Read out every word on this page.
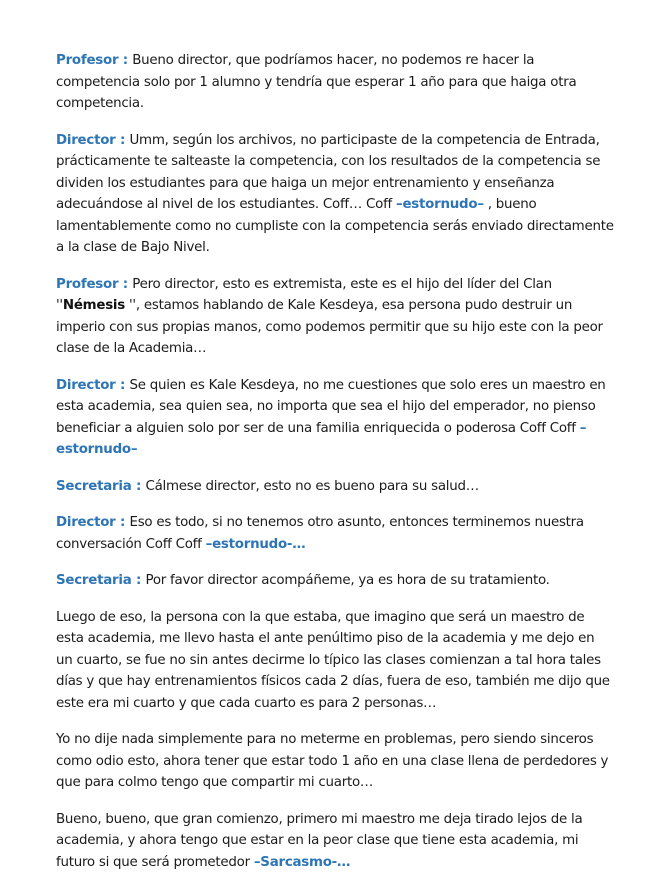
Profesor : Bueno director, que podríamos hacer, no podemos re hacer la competencia solo por 1 alumno y tendría que esperar 1 año para que haiga otra competencia.

Director : Umm, según los archivos, no participaste de la competencia de Entrada, prácticamente te salteaste la competencia, con los resultados de la competencia se dividen los estudiantes para que haiga un mejor entrenamiento y enseñanza adecuándose al nivel de los estudiantes. Coff… Coff –estornudo– , bueno lamentablemente como no cumpliste con la competencia serás enviado directamente a la clase de Bajo Nivel.

Profesor : Pero director, esto es extremista, este es el hijo del líder del Clan ''Némesis '', estamos hablando de Kale Kesdeya, esa persona pudo destruir un imperio con sus propias manos, como podemos permitir que su hijo este con la peor clase de la Academia…

Director : Se quien es Kale Kesdeya, no me cuestiones que solo eres un maestro en esta academia, sea quien sea, no importa que sea el hijo del emperador, no pienso beneficiar a alguien solo por ser de una familia enriquecida o poderosa Coff Coff –estornudo–

Secretaria : Cálmese director, esto no es bueno para su salud…

Director : Eso es todo, si no tenemos otro asunto, entonces terminemos nuestra conversación Coff Coff –estornudo-…

Secretaria : Por favor director acompáñeme, ya es hora de su tratamiento.

Luego de eso, la persona con la que estaba, que imagino que será un maestro de esta academia, me llevo hasta el ante penúltimo piso de la academia y me dejo en un cuarto, se fue no sin antes decirme lo típico las clases comienzan a tal hora tales días y que hay entrenamientos físicos cada 2 días, fuera de eso, también me dijo que este era mi cuarto y que cada cuarto es para 2 personas…

Yo no dije nada simplemente para no meterme en problemas, pero siendo sinceros como odio esto, ahora tener que estar todo 1 año en una clase llena de perdedores y que para colmo tengo que compartir mi cuarto…

Bueno, bueno, que gran comienzo, primero mi maestro me deja tirado lejos de la academia, y ahora tengo que estar en la peor clase que tiene esta academia, mi futuro si que será prometedor –Sarcasmo-…
